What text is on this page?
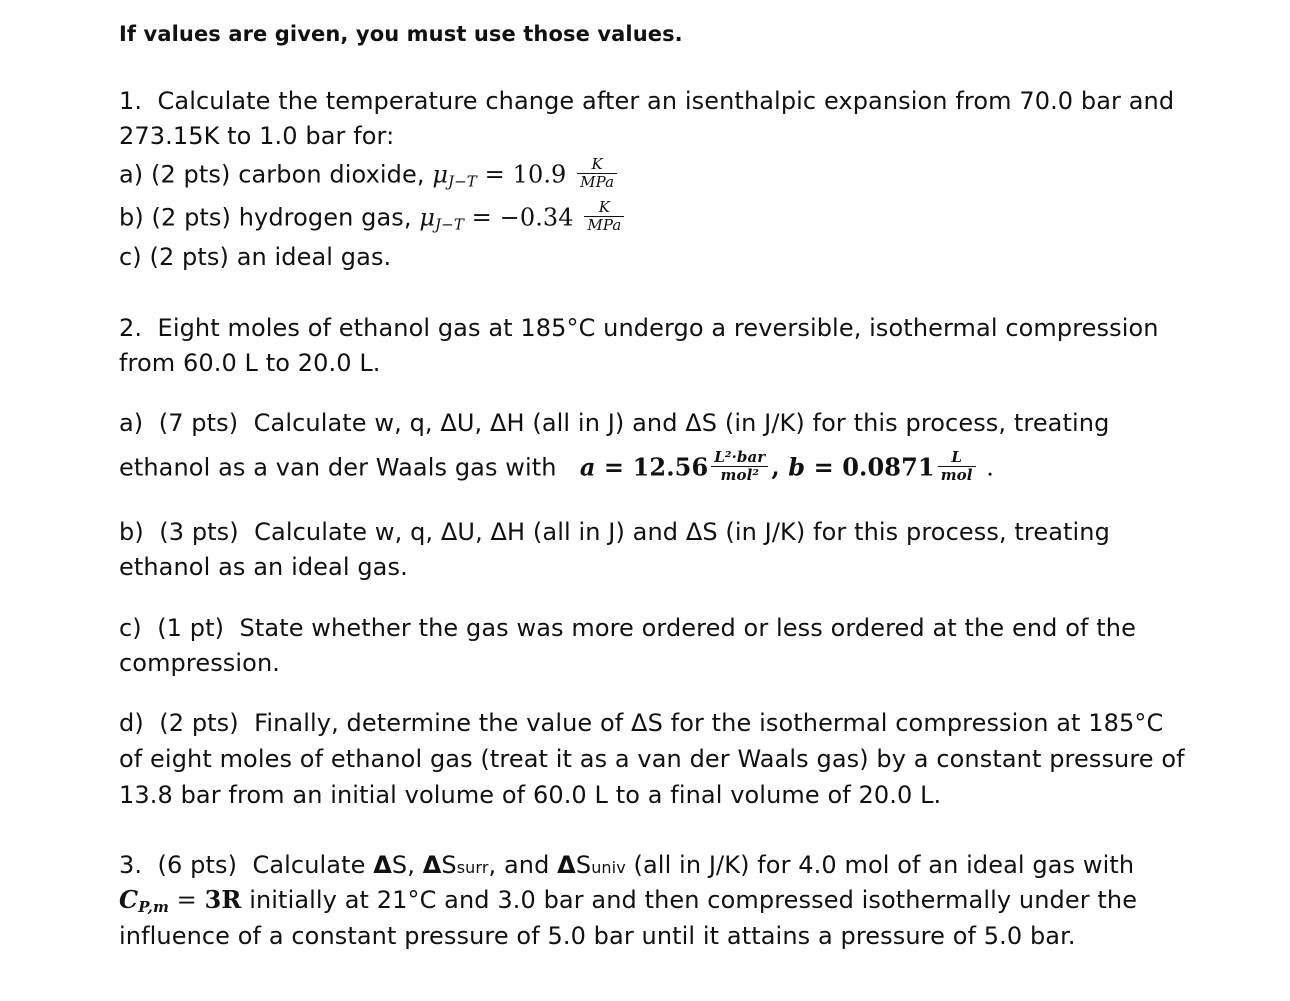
If values are given, you must use those values.
1.  Calculate the temperature change after an isenthalpic expansion from 70.0 bar and
273.15K to 1.0 bar for:
a) (2 pts) carbon dioxide, $\mu_{J-T} = 10.9 \frac{K}{\text{MPa}}$
b) (2 pts) hydrogen gas, $\mu_{J-T} = -0.34 \frac{K}{\text{MPa}}$
c) (2 pts) an ideal gas.
2.  Eight moles of ethanol gas at 185°C undergo a reversible, isothermal compression
from 60.0 L to 20.0 L.
a)  (7 pts)  Calculate w, q, ΔU, ΔH (all in J) and ΔS (in J/K) for this process, treating
ethanol as a van der Waals gas with   $a = 12.56 \frac{\text{L²·bar}}{\text{mol²}}$ , $b = 0.0871 \frac{L}{\text{mol}}$ .
b)  (3 pts)  Calculate w, q, ΔU, ΔH (all in J) and ΔS (in J/K) for this process, treating
ethanol as an ideal gas.
c)  (1 pt)  State whether the gas was more ordered or less ordered at the end of the
compression.
d)  (2 pts)  Finally, determine the value of ΔS for the isothermal compression at 185°C
of eight moles of ethanol gas (treat it as a van der Waals gas) by a constant pressure of
13.8 bar from an initial volume of 60.0 L to a final volume of 20.0 L.
3.  (6 pts)  Calculate ΔS, ΔSsurr, and ΔSuniv (all in J/K) for 4.0 mol of an ideal gas with
$C_{P,m} = 3R$ initially at 21°C and 3.0 bar and then compressed isothermally under the
influence of a constant pressure of 5.0 bar until it attains a pressure of 5.0 bar.
